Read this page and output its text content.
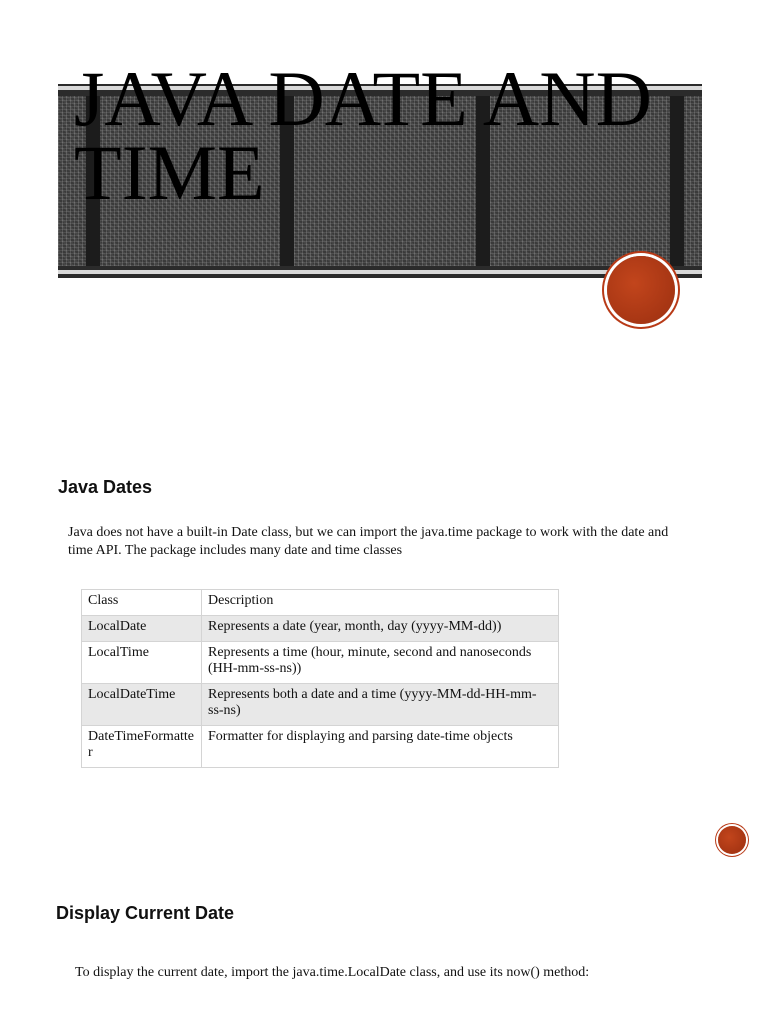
JAVA DATE AND TIME
Java Dates
Java does not have a built-in Date class, but we can import the java.time package to work with the date and time API. The package includes many date and time classes
Class	Description
LocalDate	Represents a date (year, month, day (yyyy-MM-dd))
LocalTime	Represents a time (hour, minute, second and nanoseconds (HH-mm-ss-ns))
LocalDateTime	Represents both a date and a time (yyyy-MM-dd-HH-mm-ss-ns)
DateTimeFormatter	Formatter for displaying and parsing date-time objects
Display Current Date
To display the current date, import the java.time.LocalDate class, and use its now() method:
